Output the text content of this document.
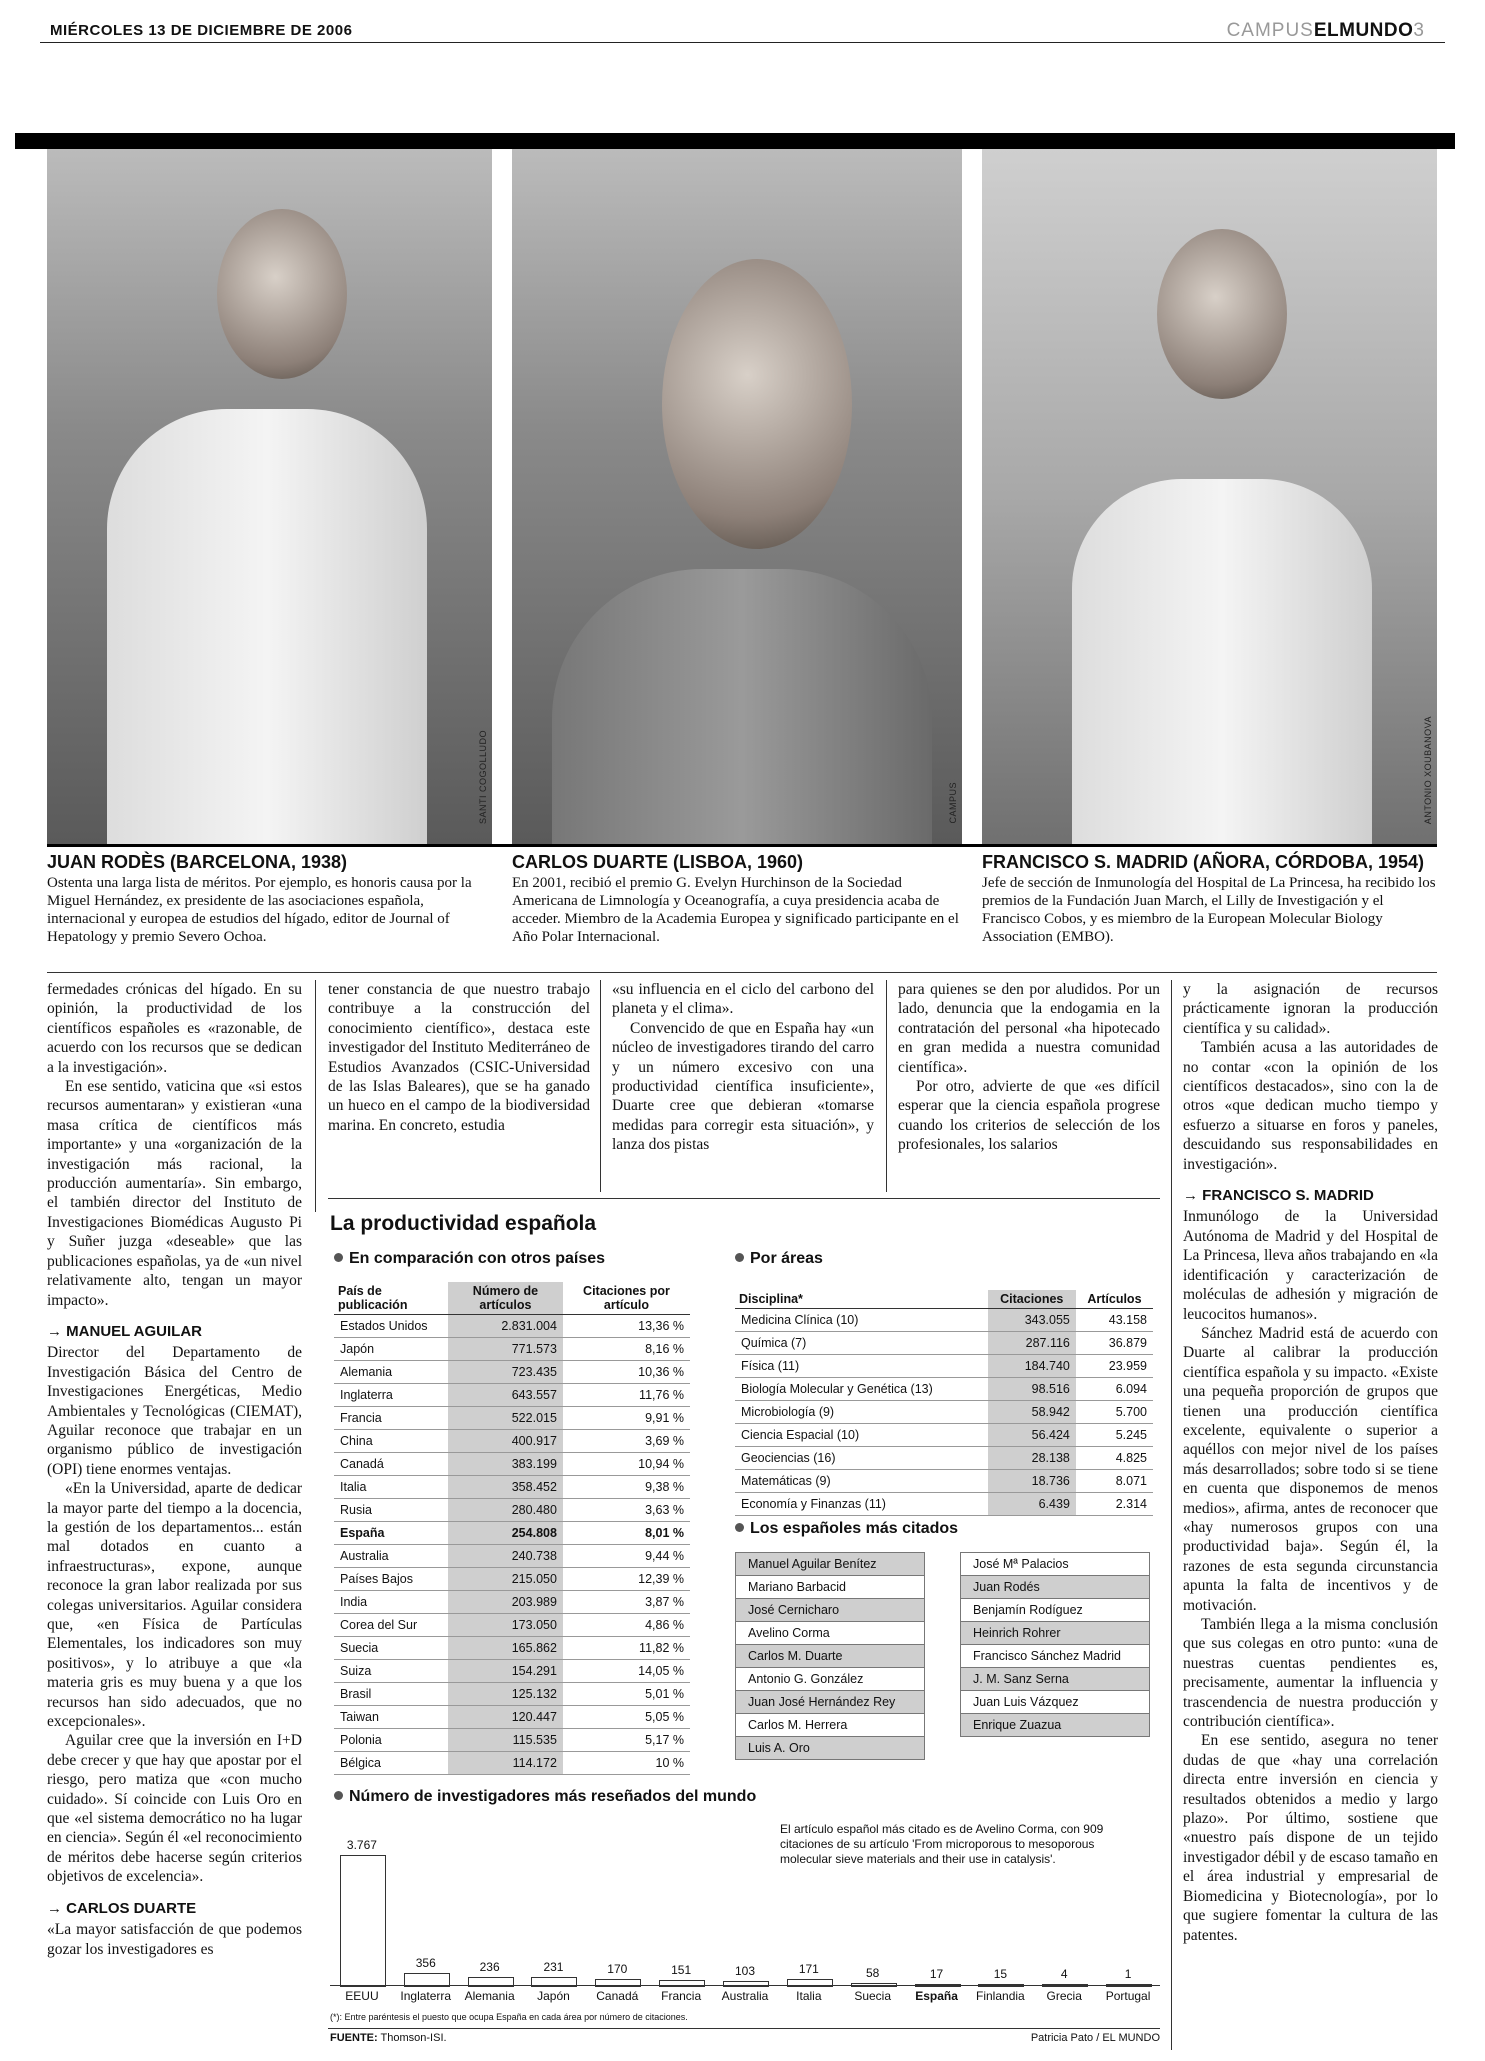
MIÉRCOLES 13 DE DICIEMBRE DE 2006	CAMPUSELMUNDO3
SANTI COGOLLUDO	CAMPUS	ANTONIO XOUBANOVA
JUAN RODÈS (BARCELONA, 1938)
Ostenta una larga lista de méritos. Por ejemplo, es honoris causa por la Miguel Hernández, ex presidente de las asociaciones española, internacional y europea de estudios del hígado, editor de Journal of Hepatology y premio Severo Ochoa.
CARLOS DUARTE (LISBOA, 1960)
En 2001, recibió el premio G. Evelyn Hurchinson de la Sociedad Americana de Limnología y Oceanografía, a cuya presidencia acaba de acceder. Miembro de la Academia Europea y significado participante en el Año Polar Internacional.
FRANCISCO S. MADRID (AÑORA, CÓRDOBA, 1954)
Jefe de sección de Inmunología del Hospital de La Princesa, ha recibido los premios de la Fundación Juan March, el Lilly de Investigación y el Francisco Cobos, y es miembro de la European Molecular Biology Association (EMBO).

fermedades crónicas del hígado. En su opinión, la productividad de los científicos españoles es «razonable, de acuerdo con los recursos que se dedican a la investigación».

En ese sentido, vaticina que «si estos recursos aumentaran» y existieran «una masa crítica de científicos más importante» y una «organización de la investigación más racional, la producción aumentaría». Sin embargo, el también director del Instituto de Investigaciones Biomédicas Augusto Pi y Suñer juzga «deseable» que las publicaciones españolas, ya de «un nivel relativamente alto, tengan un mayor impacto».

→ MANUEL AGUILAR

Director del Departamento de Investigación Básica del Centro de Investigaciones Energéticas, Medio Ambientales y Tecnológicas (CIEMAT), Aguilar reconoce que trabajar en un organismo público de investigación (OPI) tiene enormes ventajas.

«En la Universidad, aparte de dedicar la mayor parte del tiempo a la docencia, la gestión de los departamentos... están mal dotados en cuanto a infraestructuras», expone, aunque reconoce la gran labor realizada por sus colegas universitarios. Aguilar considera que, «en Física de Partículas Elementales, los indicadores son muy positivos», y lo atribuye a que «la materia gris es muy buena y a que los recursos han sido adecuados, que no excepcionales».

Aguilar cree que la inversión en I+D debe crecer y que hay que apostar por el riesgo, pero matiza que «con mucho cuidado». Sí coincide con Luis Oro en que «el sistema democrático no ha lugar en ciencia». Según él «el reconocimiento de méritos debe hacerse según criterios objetivos de excelencia».

→ CARLOS DUARTE

«La mayor satisfacción de que podemos gozar los investigadores es

tener constancia de que nuestro trabajo contribuye a la construcción del conocimiento científico», destaca este investigador del Instituto Mediterráneo de Estudios Avanzados (CSIC-Universidad de las Islas Baleares), que se ha ganado un hueco en el campo de la biodiversidad marina. En concreto, estudia

«su influencia en el ciclo del carbono del planeta y el clima».

Convencido de que en España hay «un núcleo de investigadores tirando del carro y un número excesivo con una productividad científica insuficiente», Duarte cree que debieran «tomarse medidas para corregir esta situación», y lanza dos pistas

para quienes se den por aludidos. Por un lado, denuncia que la endogamia en la contratación del personal «ha hipotecado en gran medida a nuestra comunidad científica».

Por otro, advierte de que «es difícil esperar que la ciencia española progrese cuando los criterios de selección de los profesionales, los salarios

y la asignación de recursos prácticamente ignoran la producción científica y su calidad».

También acusa a las autoridades de no contar «con la opinión de los científicos destacados», sino con la de otros «que dedican mucho tiempo y esfuerzo a situarse en foros y paneles, descuidando sus responsabilidades en investigación».

→ FRANCISCO S. MADRID

Inmunólogo de la Universidad Autónoma de Madrid y del Hospital de La Princesa, lleva años trabajando en «la identificación y caracterización de moléculas de adhesión y migración de leucocitos humanos».

Sánchez Madrid está de acuerdo con Duarte al calibrar la producción científica española y su impacto. «Existe una pequeña proporción de grupos que tienen una producción científica excelente, equivalente o superior a aquéllos con mejor nivel de los países más desarrollados; sobre todo si se tiene en cuenta que disponemos de menos medios», afirma, antes de reconocer que «hay numerosos grupos con una productividad baja». Según él, la razones de esta segunda circunstancia apunta la falta de incentivos y de motivación.

También llega a la misma conclusión que sus colegas en otro punto: «una de nuestras cuentas pendientes es, precisamente, aumentar la influencia y trascendencia de nuestra producción y contribución científica».

En ese sentido, asegura no tener dudas de que «hay una correlación directa entre inversión en ciencia y resultados obtenidos a medio y largo plazo». Por último, sostiene que «nuestro país dispone de un tejido investigador débil y de escaso tamaño en el área industrial y empresarial de Biomedicina y Biotecnología», por lo que sugiere fomentar la cultura de las patentes.

La productividad española
En comparación con otros países
País de publicación	Número de artículos	Citaciones por artículo
Estados Unidos	2.831.004	13,36 %
Japón	771.573	8,16 %
Alemania	723.435	10,36 %
Inglaterra	643.557	11,76 %
Francia	522.015	9,91 %
China	400.917	3,69 %
Canadá	383.199	10,94 %
Italia	358.452	9,38 %
Rusia	280.480	3,63 %
España	254.808	8,01 %
Australia	240.738	9,44 %
Países Bajos	215.050	12,39 %
India	203.989	3,87 %
Corea del Sur	173.050	4,86 %
Suecia	165.862	11,82 %
Suiza	154.291	14,05 %
Brasil	125.132	5,01 %
Taiwan	120.447	5,05 %
Polonia	115.535	5,17 %
Bélgica	114.172	10 %
Por áreas
Disciplina*	Citaciones	Artículos
Medicina Clínica (10)	343.055	43.158
Química (7)	287.116	36.879
Física (11)	184.740	23.959
Biología Molecular y Genética (13)	98.516	6.094
Microbiología (9)	58.942	5.700
Ciencia Espacial (10)	56.424	5.245
Geociencias (16)	28.138	4.825
Matemáticas (9)	18.736	8.071
Economía y Finanzas (11)	6.439	2.314
Los españoles más citados
Manuel Aguilar Benítez
Mariano Barbacid
José Cernicharo
Avelino Corma
Carlos M. Duarte
Antonio G. González
Juan José Hernández Rey
Carlos M. Herrera
Luis A. Oro
José Mª Palacios
Juan Rodés
Benjamín Rodíguez
Heinrich Rohrer
Francisco Sánchez Madrid
J. M. Sanz Serna
Juan Luis Vázquez
Enrique Zuazua
Número de investigadores más reseñados del mundo
El artículo español más citado es de Avelino Corma, con 909 citaciones de su artículo 'From microporous to mesoporous molecular sieve materials and their use in catalysis'.
3.767
EEUU
356
Inglaterra
236
Alemania
231
Japón
170
Canadá
151
Francia
103
Australia
171
Italia
58
Suecia
17
España
15
Finlandia
4
Grecia
1
Portugal
(*): Entre paréntesis el puesto que ocupa España en cada área por número de citaciones.
FUENTE: Thomson-ISI.	Patricia Pato / EL MUNDO
